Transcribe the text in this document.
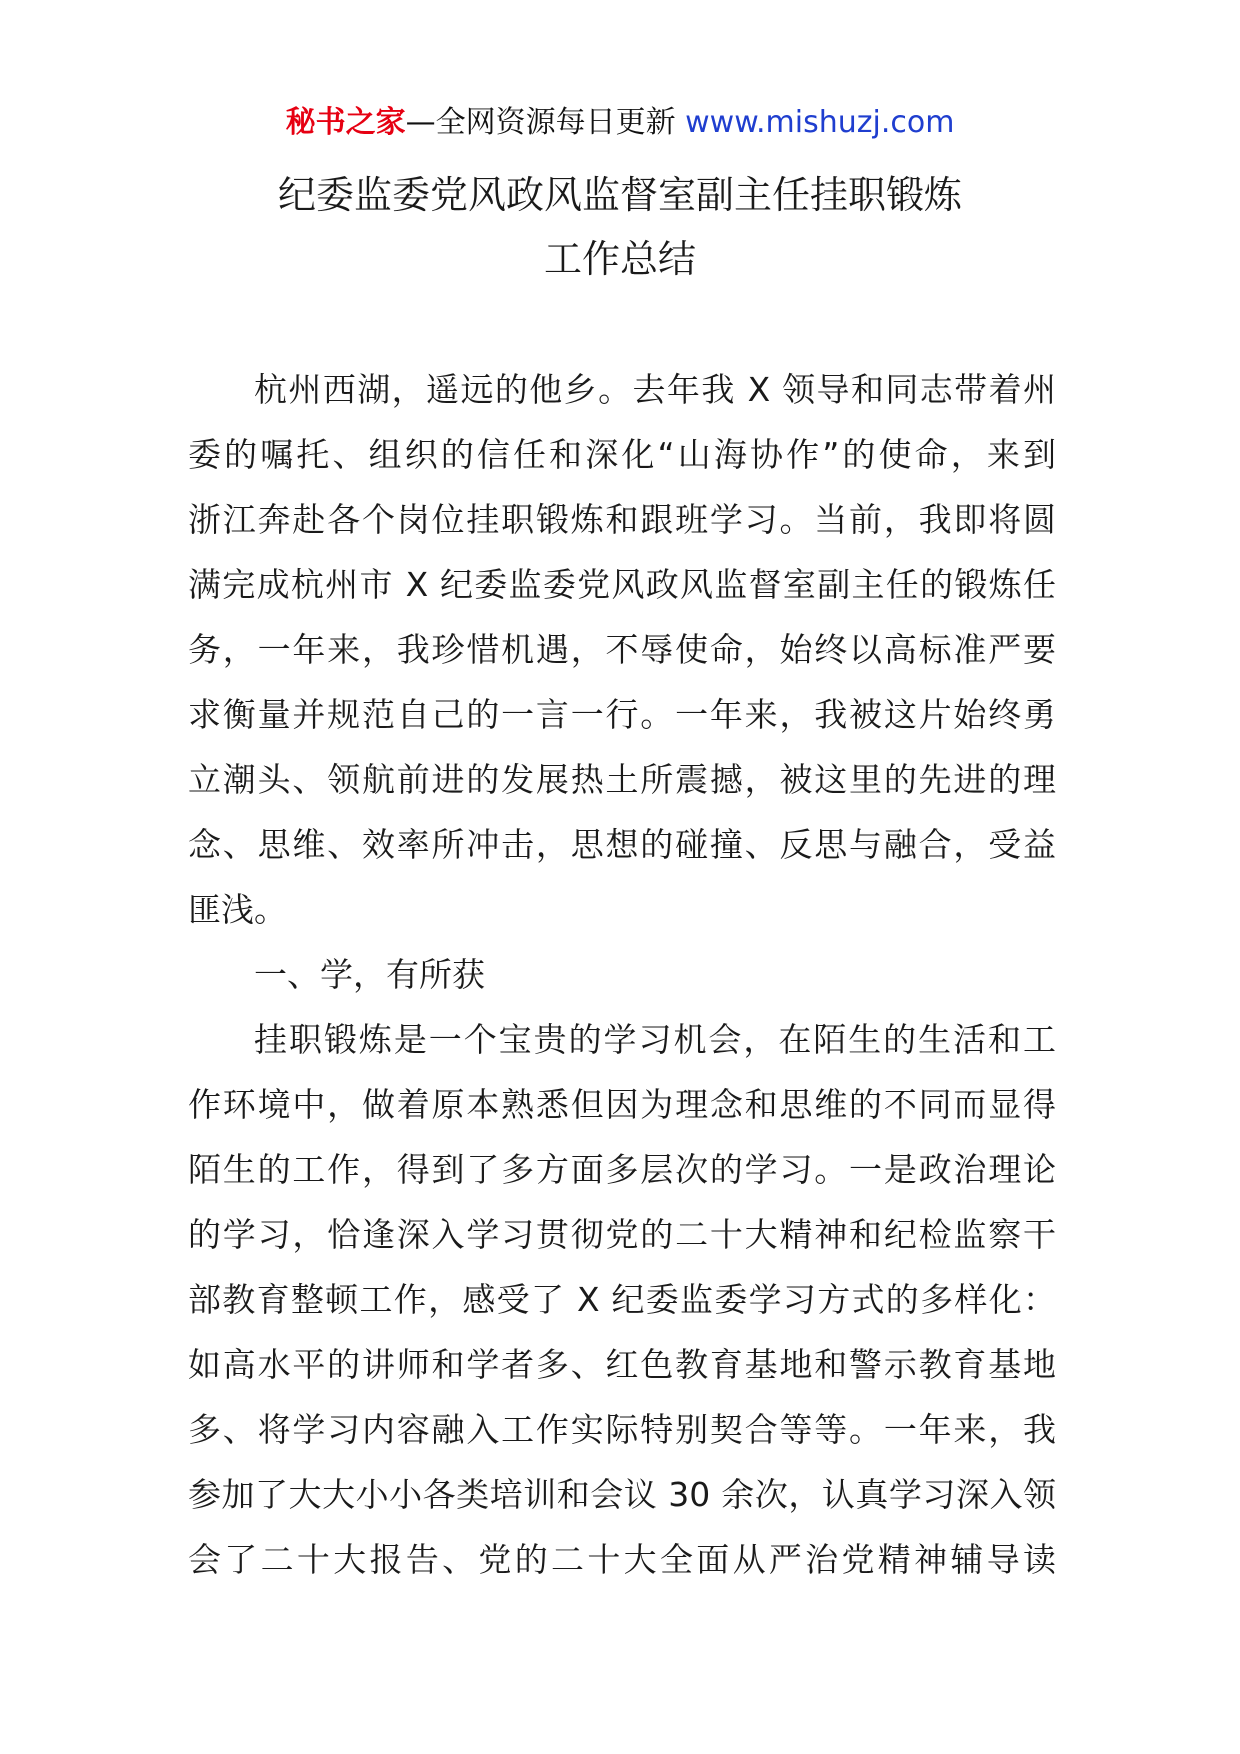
秘书之家—全网资源每日更新 www.mishuzj.com
纪委监委党风政风监督室副主任挂职锻炼
工作总结
杭州西湖，遥远的他乡。去年我 X 领导和同志带着州
委的嘱托、组织的信任和深化“山海协作”的使命，来到
浙江奔赴各个岗位挂职锻炼和跟班学习。当前，我即将圆
满完成杭州市 X 纪委监委党风政风监督室副主任的锻炼任
务，一年来，我珍惜机遇，不辱使命，始终以高标准严要
求衡量并规范自己的一言一行。一年来，我被这片始终勇
立潮头、领航前进的发展热土所震撼，被这里的先进的理
念、思维、效率所冲击，思想的碰撞、反思与融合，受益
匪浅。
一、学，有所获
挂职锻炼是一个宝贵的学习机会，在陌生的生活和工
作环境中，做着原本熟悉但因为理念和思维的不同而显得
陌生的工作，得到了多方面多层次的学习。一是政治理论
的学习，恰逢深入学习贯彻党的二十大精神和纪检监察干
部教育整顿工作，感受了 X 纪委监委学习方式的多样化：
如高水平的讲师和学者多、红色教育基地和警示教育基地
多、将学习内容融入工作实际特别契合等等。一年来，我
参加了大大小小各类培训和会议 30 余次，认真学习深入领
会了二十大报告、党的二十大全面从严治党精神辅导读
